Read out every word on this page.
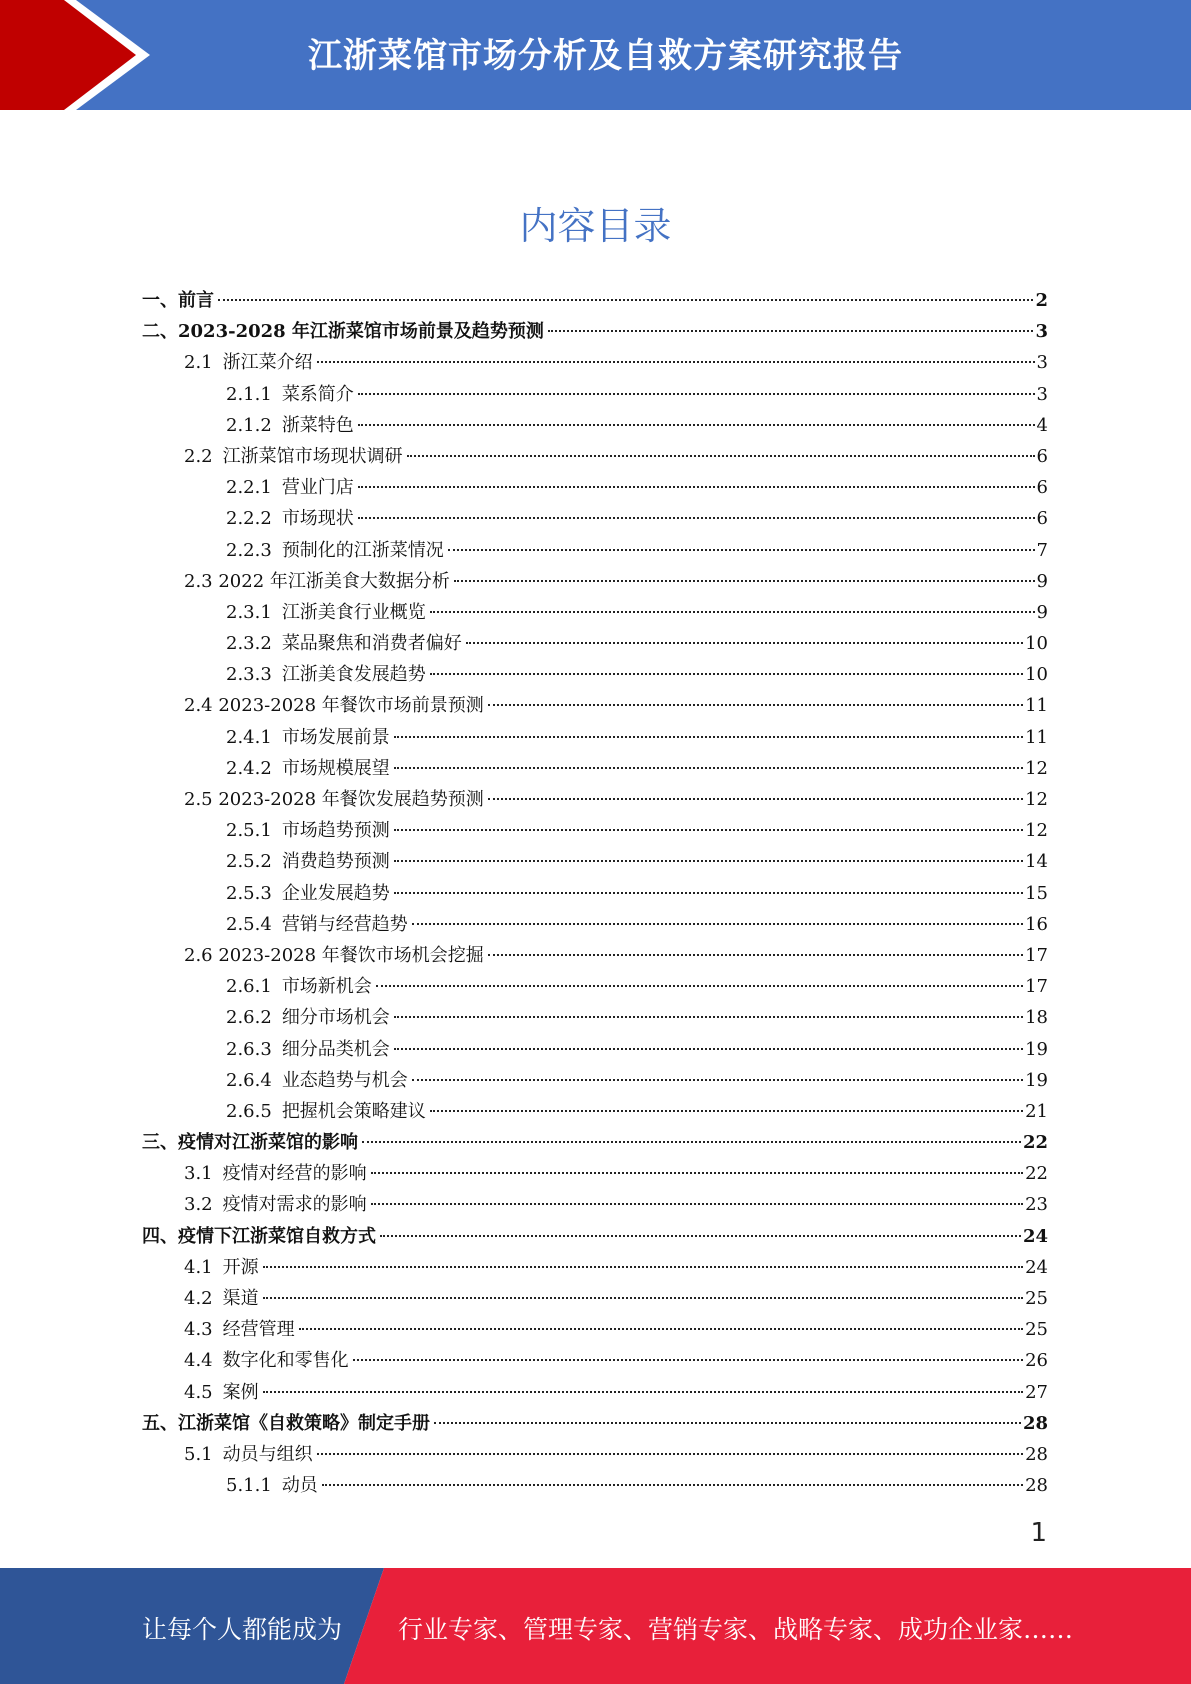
江浙菜馆市场分析及自救方案研究报告
内容目录
一、前言	2
二、2023-2028 年江浙菜馆市场前景及趋势预测	3
2.1 浙江菜介绍	3
2.1.1 菜系简介	3
2.1.2 浙菜特色	4
2.2 江浙菜馆市场现状调研	6
2.2.1 营业门店	6
2.2.2 市场现状	6
2.2.3 预制化的江浙菜情况	7
2.3 2022 年江浙美食大数据分析	9
2.3.1 江浙美食行业概览	9
2.3.2 菜品聚焦和消费者偏好	10
2.3.3 江浙美食发展趋势	10
2.4 2023-2028 年餐饮市场前景预测	11
2.4.1 市场发展前景	11
2.4.2 市场规模展望	12
2.5 2023-2028 年餐饮发展趋势预测	12
2.5.1 市场趋势预测	12
2.5.2 消费趋势预测	14
2.5.3 企业发展趋势	15
2.5.4 营销与经营趋势	16
2.6 2023-2028 年餐饮市场机会挖掘	17
2.6.1 市场新机会	17
2.6.2 细分市场机会	18
2.6.3 细分品类机会	19
2.6.4 业态趋势与机会	19
2.6.5 把握机会策略建议	21
三、疫情对江浙菜馆的影响	22
3.1 疫情对经营的影响	22
3.2 疫情对需求的影响	23
四、疫情下江浙菜馆自救方式	24
4.1 开源	24
4.2 渠道	25
4.3 经营管理	25
4.4 数字化和零售化	26
4.5 案例	27
五、江浙菜馆《自救策略》制定手册	28
5.1 动员与组织	28
5.1.1 动员	28
1
让每个人都能成为 行业专家、管理专家、营销专家、战略专家、成功企业家……
